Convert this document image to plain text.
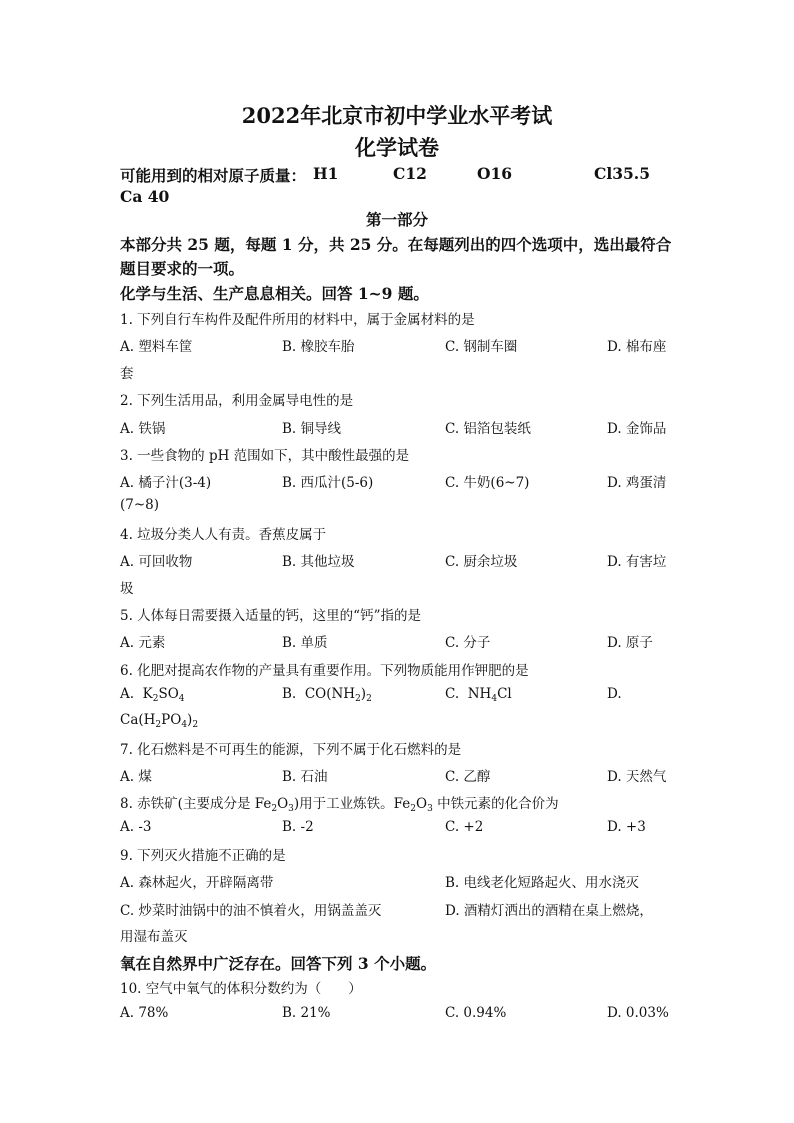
2022年北京市初中学业水平考试
化学试卷
可能用到的相对原子质量： H1	C12	O16	Cl35.5
Ca 40
第一部分
本部分共 25 题，每题 1 分，共 25 分。在每题列出的四个选项中，选出最符合
题目要求的一项。
化学与生活、生产息息相关。回答 1~9 题。
1. 下列自行车构件及配件所用的材料中，属于金属材料的是
A. 塑料车筐	B. 橡胶车胎	C. 钢制车圈	D. 棉布座
套
2. 下列生活用品，利用金属导电性的是
A. 铁锅	B. 铜导线	C. 铝箔包装纸	D. 金饰品
3. 一些食物的 pH 范围如下，其中酸性最强的是
A. 橘子汁(3-4)	B. 西瓜汁(5-6)	C. 牛奶(6~7)	D. 鸡蛋清
(7~8)
4. 垃圾分类人人有责。香蕉皮属于
A. 可回收物	B. 其他垃圾	C. 厨余垃圾	D. 有害垃
圾
5. 人体每日需要摄入适量的钙，这里的“钙”指的是
A. 元素	B. 单质	C. 分子	D. 原子
6. 化肥对提高农作物的产量具有重要作用。下列物质能用作钾肥的是
A. $K_2SO_4$	B. $CO(NH_2)_2$	C. $NH_4Cl$	D.
$Ca(H_2PO_4)_2$
7. 化石燃料是不可再生的能源，下列不属于化石燃料的是
A. 煤	B. 石油	C. 乙醇	D. 天然气
8. 赤铁矿(主要成分是 $Fe_2O_3$)用于工业炼铁。$Fe_2O_3$ 中铁元素的化合价为
A. -3	B. -2	C. +2	D. +3
9. 下列灭火措施不正确的是
A. 森林起火，开辟隔离带	B. 电线老化短路起火、用水浇灭
C. 炒菜时油锅中的油不慎着火，用锅盖盖灭	D. 酒精灯洒出的酒精在桌上燃烧，
用湿布盖灭
氧在自然界中广泛存在。回答下列 3 个小题。
10. 空气中氧气的体积分数约为（　　）
A. 78%	B. 21%	C. 0.94%	D. 0.03%
